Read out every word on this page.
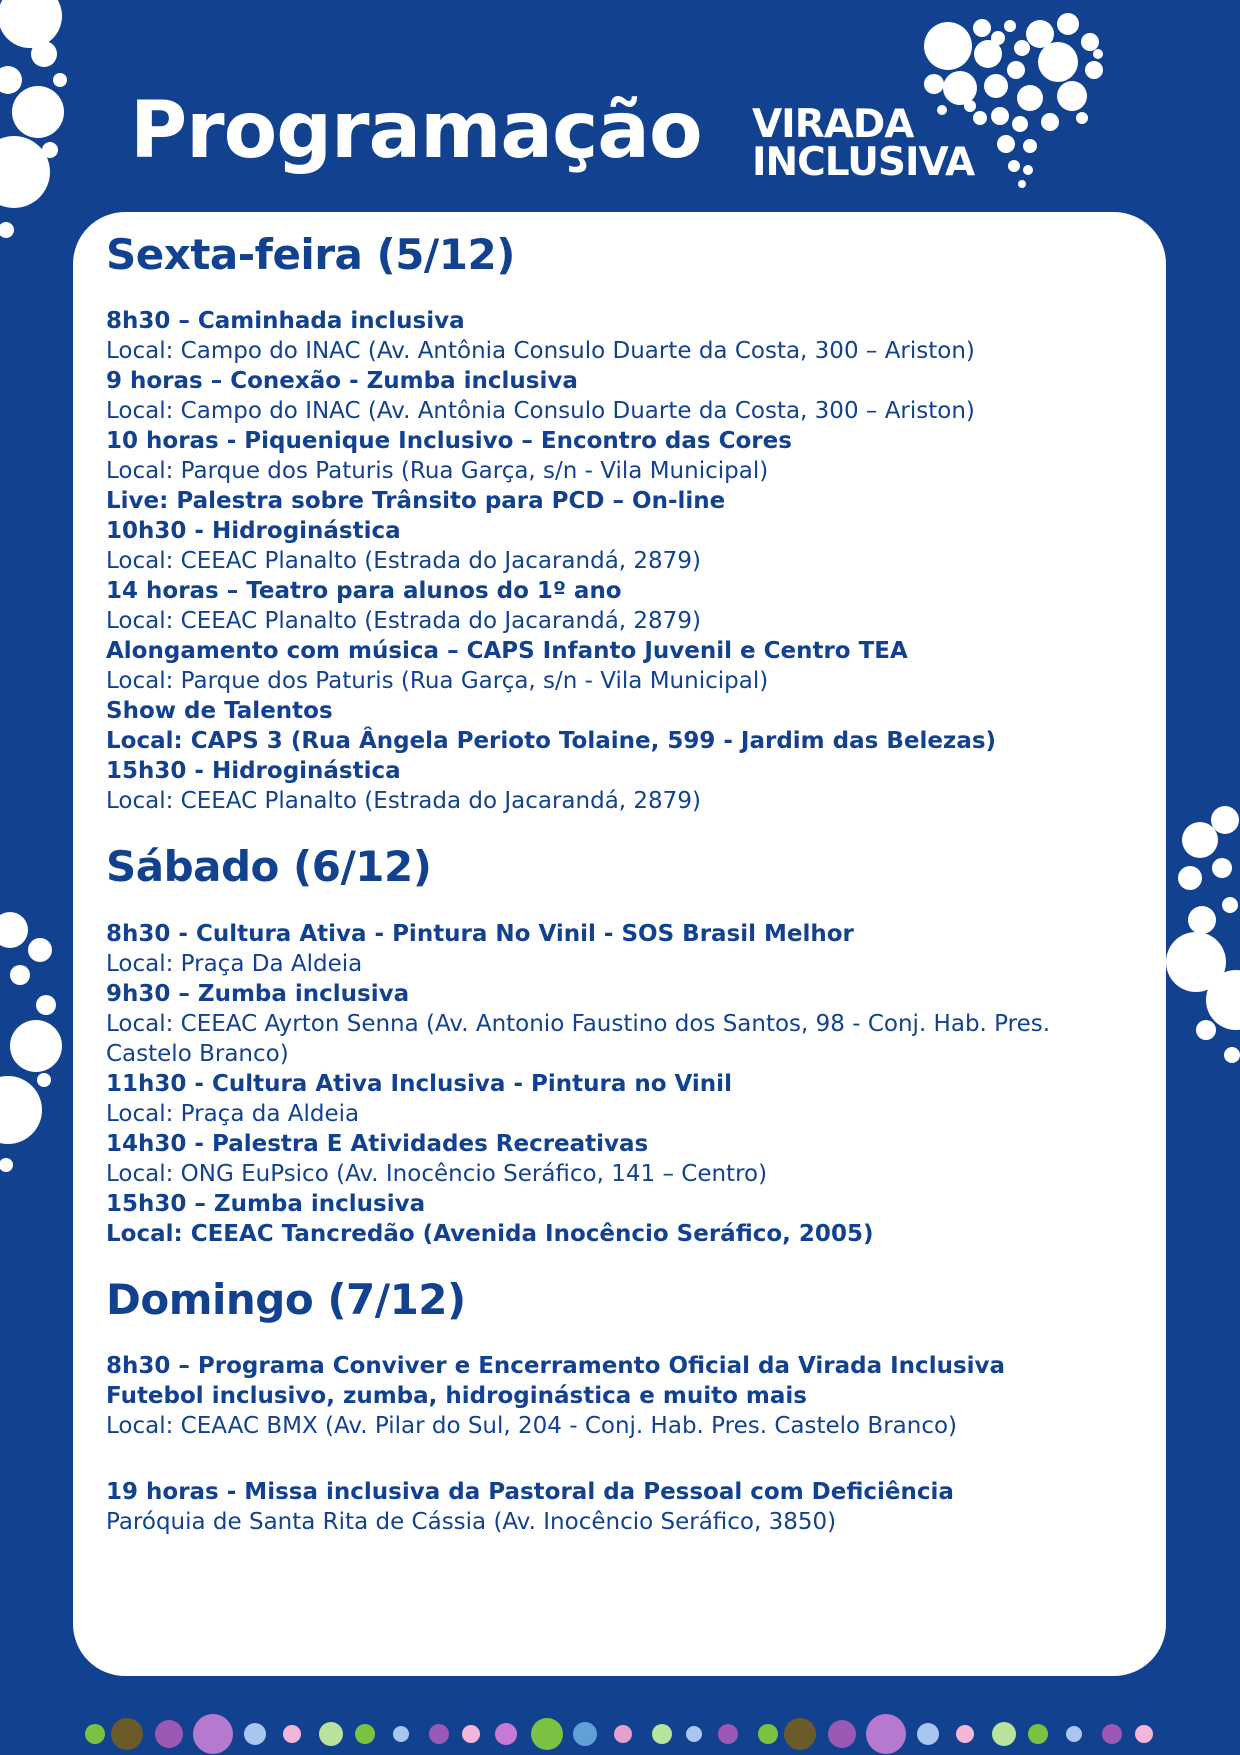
Programação VIRADA
INCLUSIVA
Sexta-feira (5/12)
8h30 – Caminhada inclusiva
Local: Campo do INAC (Av. Antônia Consulo Duarte da Costa, 300 – Ariston)
9 horas – Conexão - Zumba inclusiva
Local: Campo do INAC (Av. Antônia Consulo Duarte da Costa, 300 – Ariston)
10 horas - Piquenique Inclusivo – Encontro das Cores
Local: Parque dos Paturis (Rua Garça, s/n - Vila Municipal)
Live: Palestra sobre Trânsito para PCD – On-line
10h30 - Hidroginástica
Local: CEEAC Planalto (Estrada do Jacarandá, 2879)
14 horas – Teatro para alunos do 1º ano
Local: CEEAC Planalto (Estrada do Jacarandá, 2879)
Alongamento com música – CAPS Infanto Juvenil e Centro TEA
Local: Parque dos Paturis (Rua Garça, s/n - Vila Municipal)
Show de Talentos
Local: CAPS 3 (Rua Ângela Perioto Tolaine, 599 - Jardim das Belezas)
15h30 - Hidroginástica
Local: CEEAC Planalto (Estrada do Jacarandá, 2879)
Sábado (6/12)
8h30 - Cultura Ativa - Pintura No Vinil - SOS Brasil Melhor
Local: Praça Da Aldeia
9h30 – Zumba inclusiva
Local: CEEAC Ayrton Senna (Av. Antonio Faustino dos Santos, 98 - Conj. Hab. Pres. Castelo Branco)
11h30 - Cultura Ativa Inclusiva - Pintura no Vinil
Local: Praça da Aldeia
14h30 - Palestra E Atividades Recreativas
Local: ONG EuPsico (Av. Inocêncio Seráfico, 141 – Centro)
15h30 – Zumba inclusiva
Local: CEEAC Tancredão (Avenida Inocêncio Seráfico, 2005)
Domingo (7/12)
8h30 – Programa Conviver e Encerramento Oficial da Virada Inclusiva
Futebol inclusivo, zumba, hidroginástica e muito mais
Local: CEAAC BMX (Av. Pilar do Sul, 204 - Conj. Hab. Pres. Castelo Branco)
19 horas - Missa inclusiva da Pastoral da Pessoal com Deficiência
Paróquia de Santa Rita de Cássia (Av. Inocêncio Seráfico, 3850)
